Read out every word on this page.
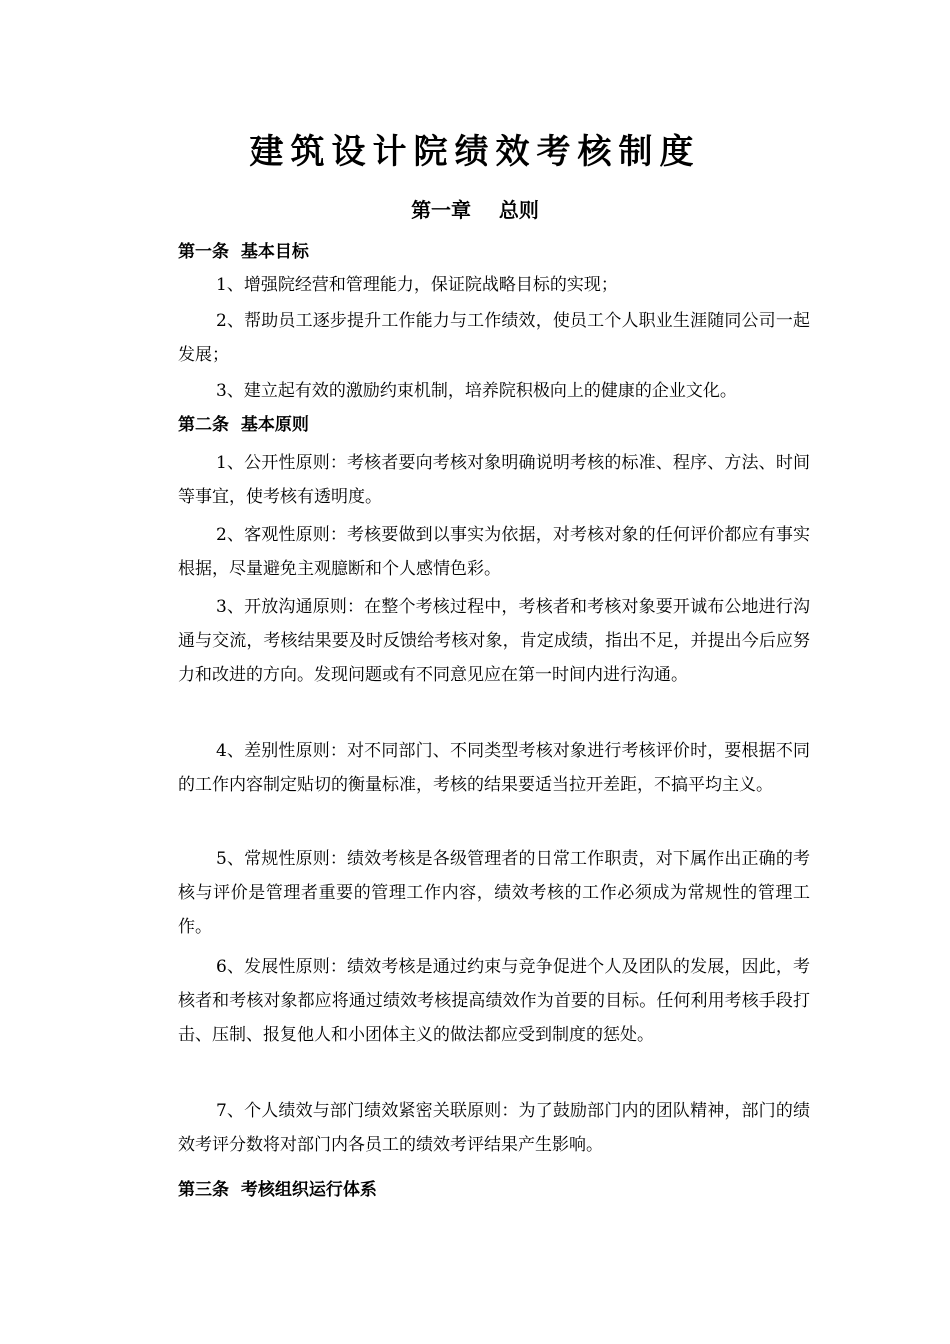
建筑设计院绩效考核制度
第一章    总则
第一条  基本目标

1、增强院经营和管理能力，保证院战略目标的实现；

2、帮助员工逐步提升工作能力与工作绩效，使员工个人职业生涯随同公司一起发展；

3、建立起有效的激励约束机制，培养院积极向上的健康的企业文化。

第二条  基本原则

1、公开性原则：考核者要向考核对象明确说明考核的标准、程序、方法、时间等事宜，使考核有透明度。

2、客观性原则：考核要做到以事实为依据，对考核对象的任何评价都应有事实根据，尽量避免主观臆断和个人感情色彩。

3、开放沟通原则：在整个考核过程中，考核者和考核对象要开诚布公地进行沟通与交流，考核结果要及时反馈给考核对象，肯定成绩，指出不足，并提出今后应努力和改进的方向。发现问题或有不同意见应在第一时间内进行沟通。

4、差别性原则：对不同部门、不同类型考核对象进行考核评价时，要根据不同的工作内容制定贴切的衡量标准，考核的结果要适当拉开差距，不搞平均主义。

5、常规性原则：绩效考核是各级管理者的日常工作职责，对下属作出正确的考核与评价是管理者重要的管理工作内容，绩效考核的工作必须成为常规性的管理工作。

6、发展性原则：绩效考核是通过约束与竞争促进个人及团队的发展，因此，考核者和考核对象都应将通过绩效考核提高绩效作为首要的目标。任何利用考核手段打击、压制、报复他人和小团体主义的做法都应受到制度的惩处。

7、个人绩效与部门绩效紧密关联原则：为了鼓励部门内的团队精神，部门的绩效考评分数将对部门内各员工的绩效考评结果产生影响。

第三条  考核组织运行体系
